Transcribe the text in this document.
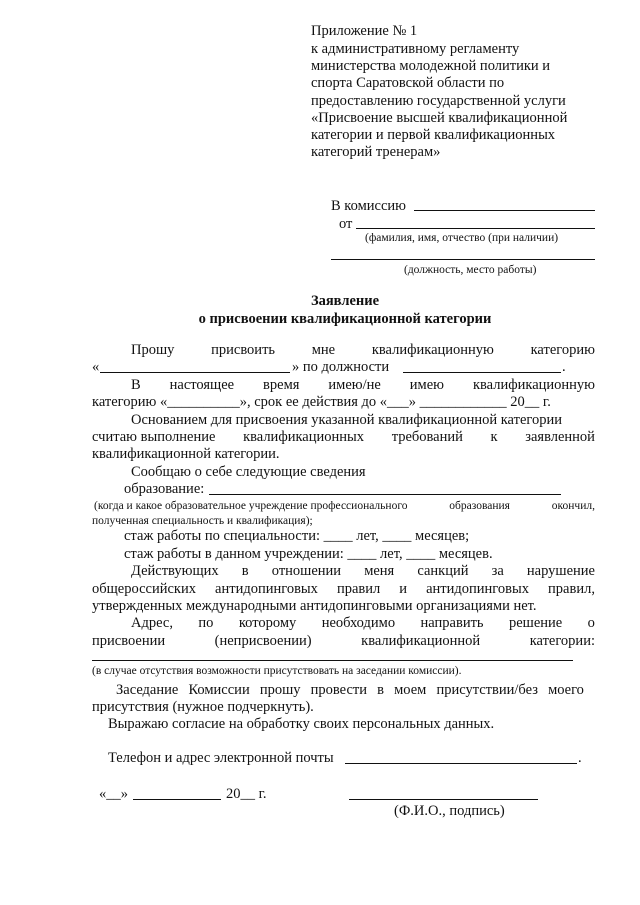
Приложение № 1
к административному регламенту
министерства молодежной политики и
спорта Саратовской области по
предоставлению государственной услуги
«Присвоение высшей квалификационной
категории и первой квалификационных
категорий тренерам»
В комиссию
от
(фамилия, имя, отчество (при наличии)
(должность, место работы)
Заявление
о присвоении квалификационной категории
Прошу	присвоить	мне	квалификационную	категорию
«	» по должности	.
В настоящее время имею/не имею квалификационную
категорию «__________», срок ее действия до «___» ____________ 20__ г.
Основанием для присвоения указанной квалификационной категории
считаю выполнение квалификационных требований к заявленной
квалификационной категории.
Сообщаю о себе следующие сведения
образование:
(когда и какое образовательное учреждение профессионального	образования	окончил,
полученная специальность и квалификация);
стаж работы по специальности: ____ лет, ____ месяцев;
стаж работы в данном учреждении: ____ лет, ____ месяцев.
Действующих в отношении меня санкций за нарушение
общероссийских антидопинговых правил и антидопинговых правил,
утвержденных международными антидопинговыми организациями нет.
Адрес, по которому необходимо направить решение о
присвоении	(неприсвоении)	квалификационной	категории:
(в случае отсутствия возможности присутствовать на заседании комиссии).
Заседание Комиссии прошу провести в моем присутствии/без моего
присутствия (нужное подчеркнуть).
Выражаю согласие на обработку своих персональных данных.
Телефон и адрес электронной почты	.
«__»	20__ г.
(Ф.И.О., подпись)
